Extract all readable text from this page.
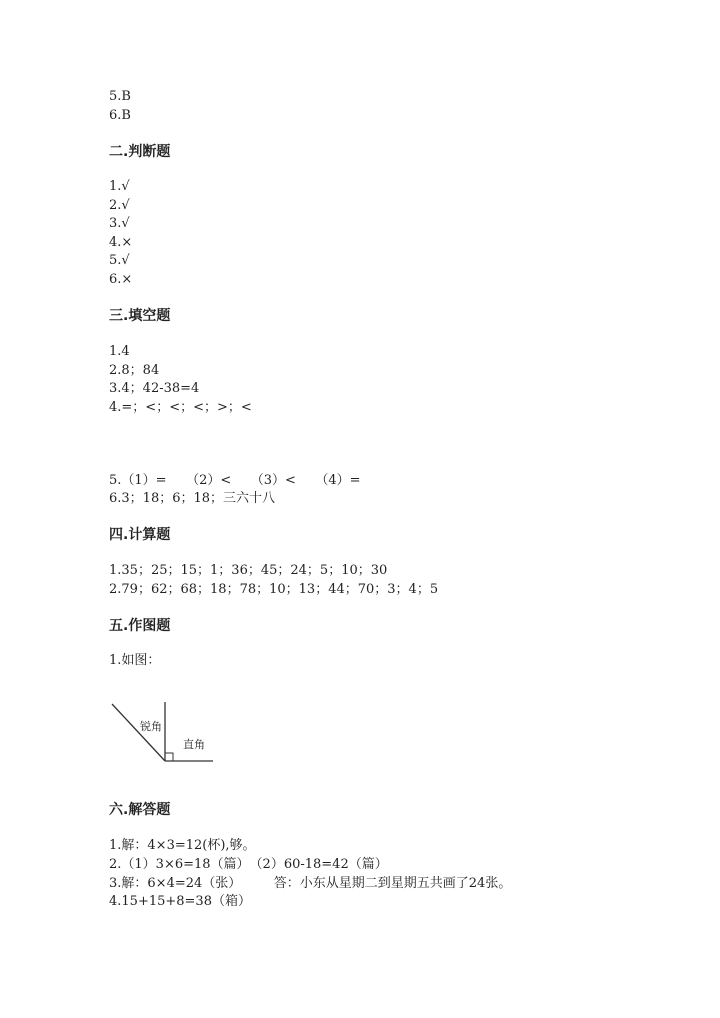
5.B
6.B
二.判断题
1.√
2.√
3.√
4.×
5.√
6.×
三.填空题
1.4
2.8；84
3.4；42-38=4
4.=；<；<；<；>；<
5.（1）=　　（2）<　　（3）<　　（4）=
6.3；18；6；18；三六十八
四.计算题
1.35；25；15；1；36；45；24；5；10；30
2.79；62；68；18；78；10；13；44；70；3；4；5
五.作图题
1.如图：
锐角
直角
六.解答题
1.解：4×3=12(杯),够。
2.（1）3×6=18（篇）　（2）60-18=42（篇）
3.解：6×4=24（张）　　　答：小东从星期二到星期五共画了24张。
4.15+15+8=38（箱）
